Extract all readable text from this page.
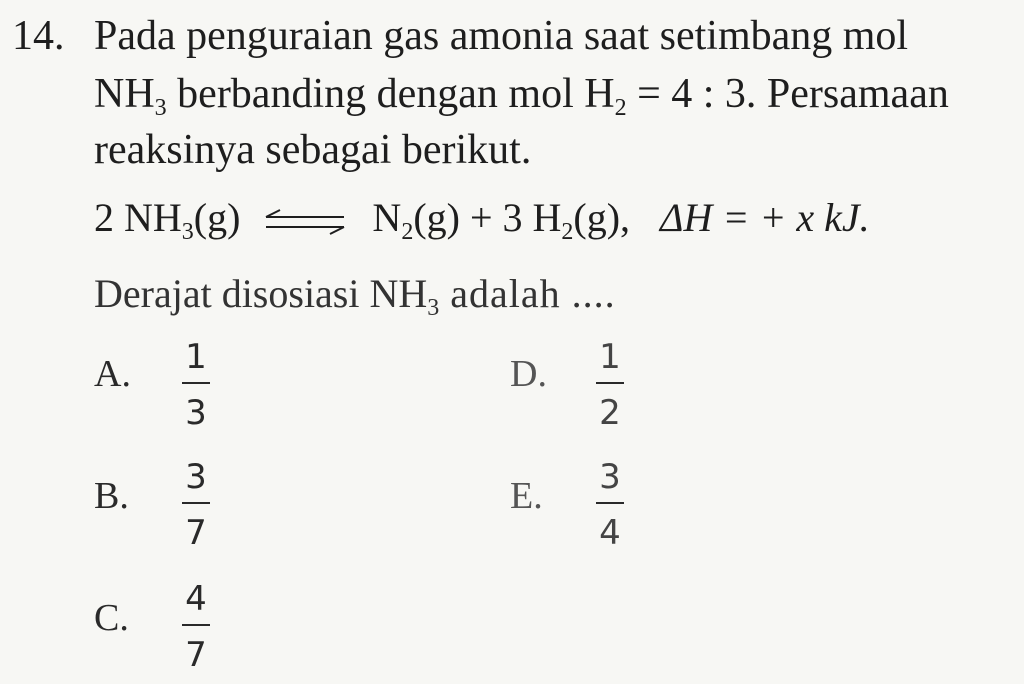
14. Pada penguraian gas amonia saat setimbang mol
$NH_3$ berbanding dengan mol $H_2 = 4$ : 3. Persamaan
reaksinya sebagai berikut.
2 $NH_3(g)$ ⇌ $N_2(g) + 3$ $H_2(g)$, ΔH = + x kJ.
Derajat disosiasi $NH_3$ adalah ....
A. 1
3
B. 3
7
C. 4
7
D. 1
2
E. 3
4
